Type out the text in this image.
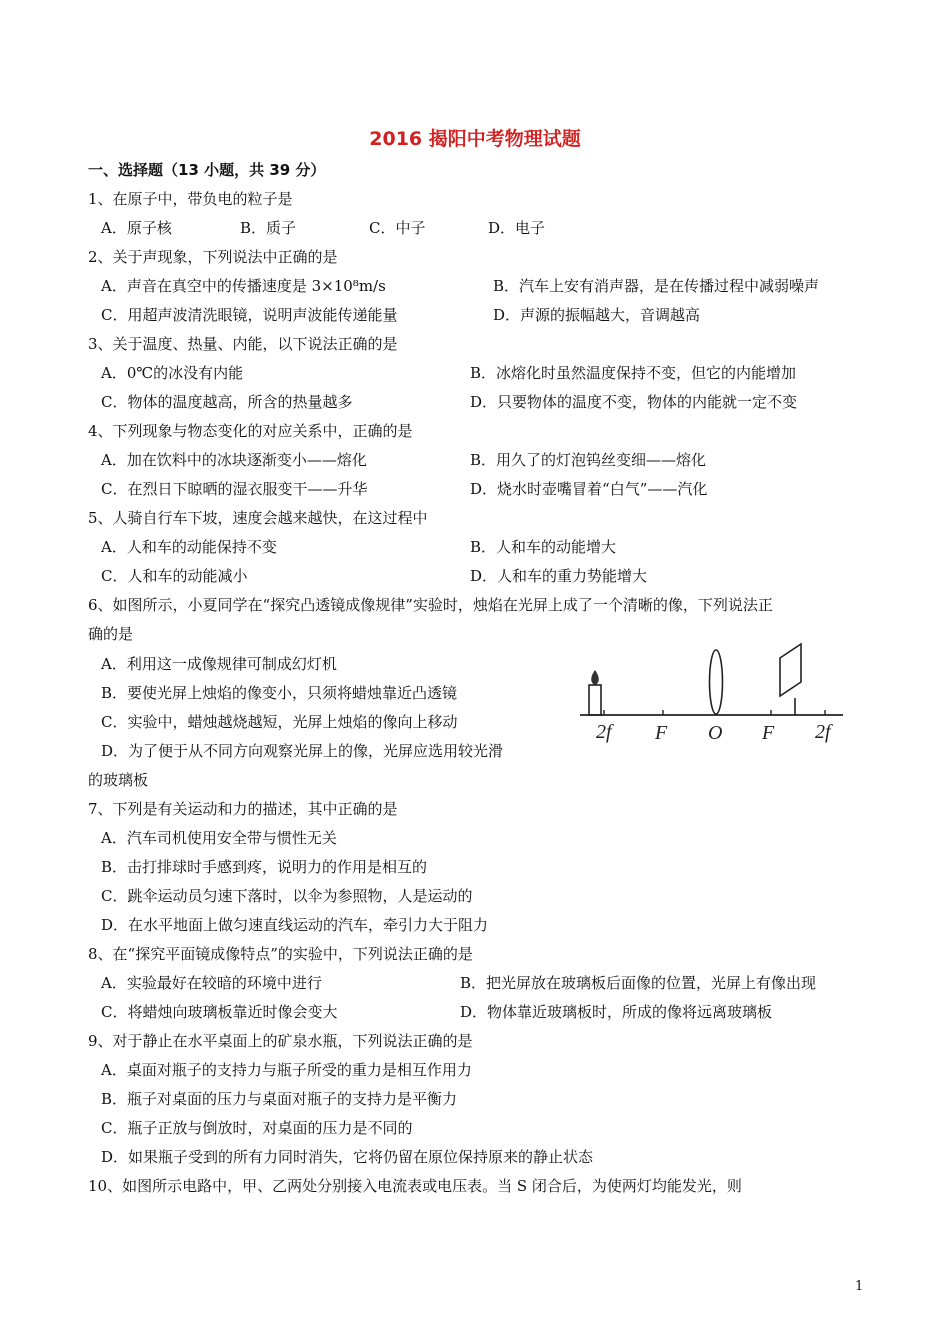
2016 揭阳中考物理试题
一、选择题（13 小题，共 39 分）
1、在原子中，带负电的粒子是
A．原子核	B．质子	C．中子	D．电子
2、关于声现象，下列说法中正确的是
A．声音在真空中的传播速度是 3×10⁸m/s	B．汽车上安有消声器，是在传播过程中减弱噪声
C．用超声波清洗眼镜，说明声波能传递能量	D．声源的振幅越大，音调越高
3、关于温度、热量、内能，以下说法正确的是
A．0℃的冰没有内能	B．冰熔化时虽然温度保持不变，但它的内能增加
C．物体的温度越高，所含的热量越多	D．只要物体的温度不变，物体的内能就一定不变
4、下列现象与物态变化的对应关系中，正确的是
A．加在饮料中的冰块逐渐变小——熔化	B．用久了的灯泡钨丝变细——熔化
C．在烈日下晾晒的湿衣服变干——升华	D．烧水时壶嘴冒着“白气”——汽化
5、人骑自行车下坡，速度会越来越快，在这过程中
A．人和车的动能保持不变	B．人和车的动能增大
C．人和车的动能减小	D．人和车的重力势能增大
6、如图所示，小夏同学在“探究凸透镜成像规律”实验时，烛焰在光屏上成了一个清晰的像，下列说法正
确的是
A．利用这一成像规律可制成幻灯机
B．要使光屏上烛焰的像变小，只须将蜡烛靠近凸透镜
C．实验中，蜡烛越烧越短，光屏上烛焰的像向上移动
D．为了便于从不同方向观察光屏上的像，光屏应选用较光滑
的玻璃板
2f F O F 2f
7、下列是有关运动和力的描述，其中正确的是
A．汽车司机使用安全带与惯性无关
B．击打排球时手感到疼，说明力的作用是相互的
C．跳伞运动员匀速下落时，以伞为参照物，人是运动的
D．在水平地面上做匀速直线运动的汽车，牵引力大于阻力
8、在“探究平面镜成像特点”的实验中，下列说法正确的是
A．实验最好在较暗的环境中进行	B．把光屏放在玻璃板后面像的位置，光屏上有像出现
C．将蜡烛向玻璃板靠近时像会变大	D．物体靠近玻璃板时，所成的像将远离玻璃板
9、对于静止在水平桌面上的矿泉水瓶，下列说法正确的是
A．桌面对瓶子的支持力与瓶子所受的重力是相互作用力
B．瓶子对桌面的压力与桌面对瓶子的支持力是平衡力
C．瓶子正放与倒放时，对桌面的压力是不同的
D．如果瓶子受到的所有力同时消失，它将仍留在原位保持原来的静止状态
10、如图所示电路中，甲、乙两处分别接入电流表或电压表。当 S 闭合后，为使两灯均能发光，则
1
